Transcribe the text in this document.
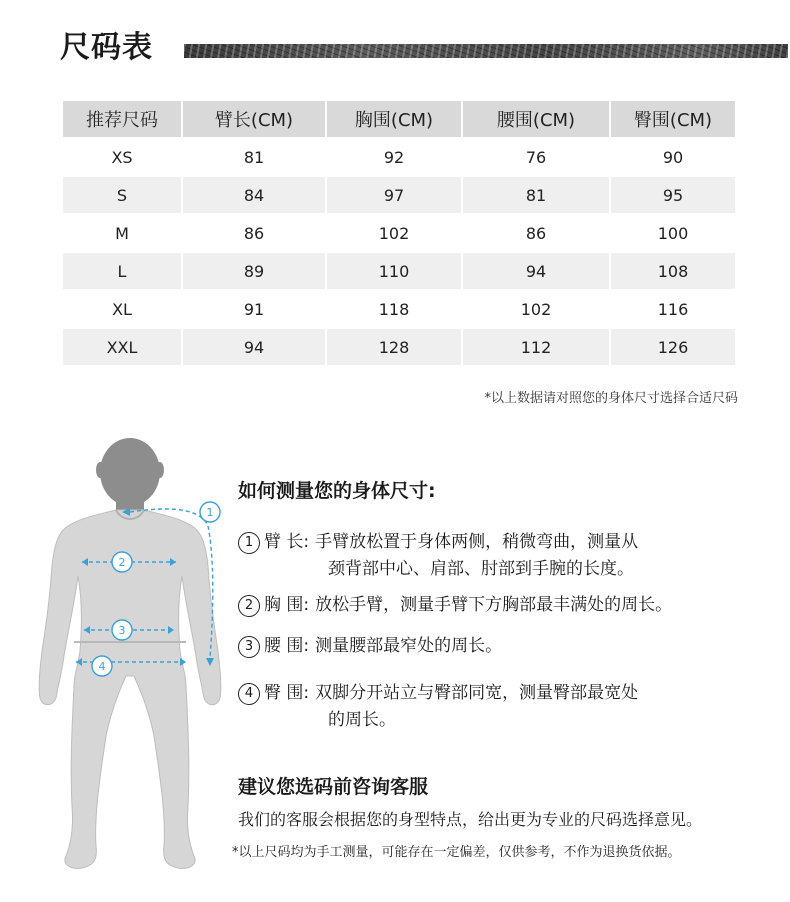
尺码表
推荐尺码	臂长(CM)	胸围(CM)	腰围(CM)	臀围(CM)
XS	81	92	76	90
S	84	97	81	95
M	86	102	86	100
L	89	110	94	108
XL	91	118	102	116
XXL	94	128	112	126
*以上数据请对照您的身体尺寸选择合适尺码
1
2
3
4
如何测量您的身体尺寸:
1 臂 长: 手臂放松置于身体两侧，稍微弯曲，测量从
颈背部中心、肩部、肘部到手腕的长度。
2 胸 围: 放松手臂，测量手臂下方胸部最丰满处的周长。
3 腰 围: 测量腰部最窄处的周长。
4 臀 围: 双脚分开站立与臀部同宽，测量臀部最宽处
的周长。
建议您选码前咨询客服
我们的客服会根据您的身型特点，给出更为专业的尺码选择意见。
*以上尺码均为手工测量，可能存在一定偏差，仅供参考，不作为退换货依据。
